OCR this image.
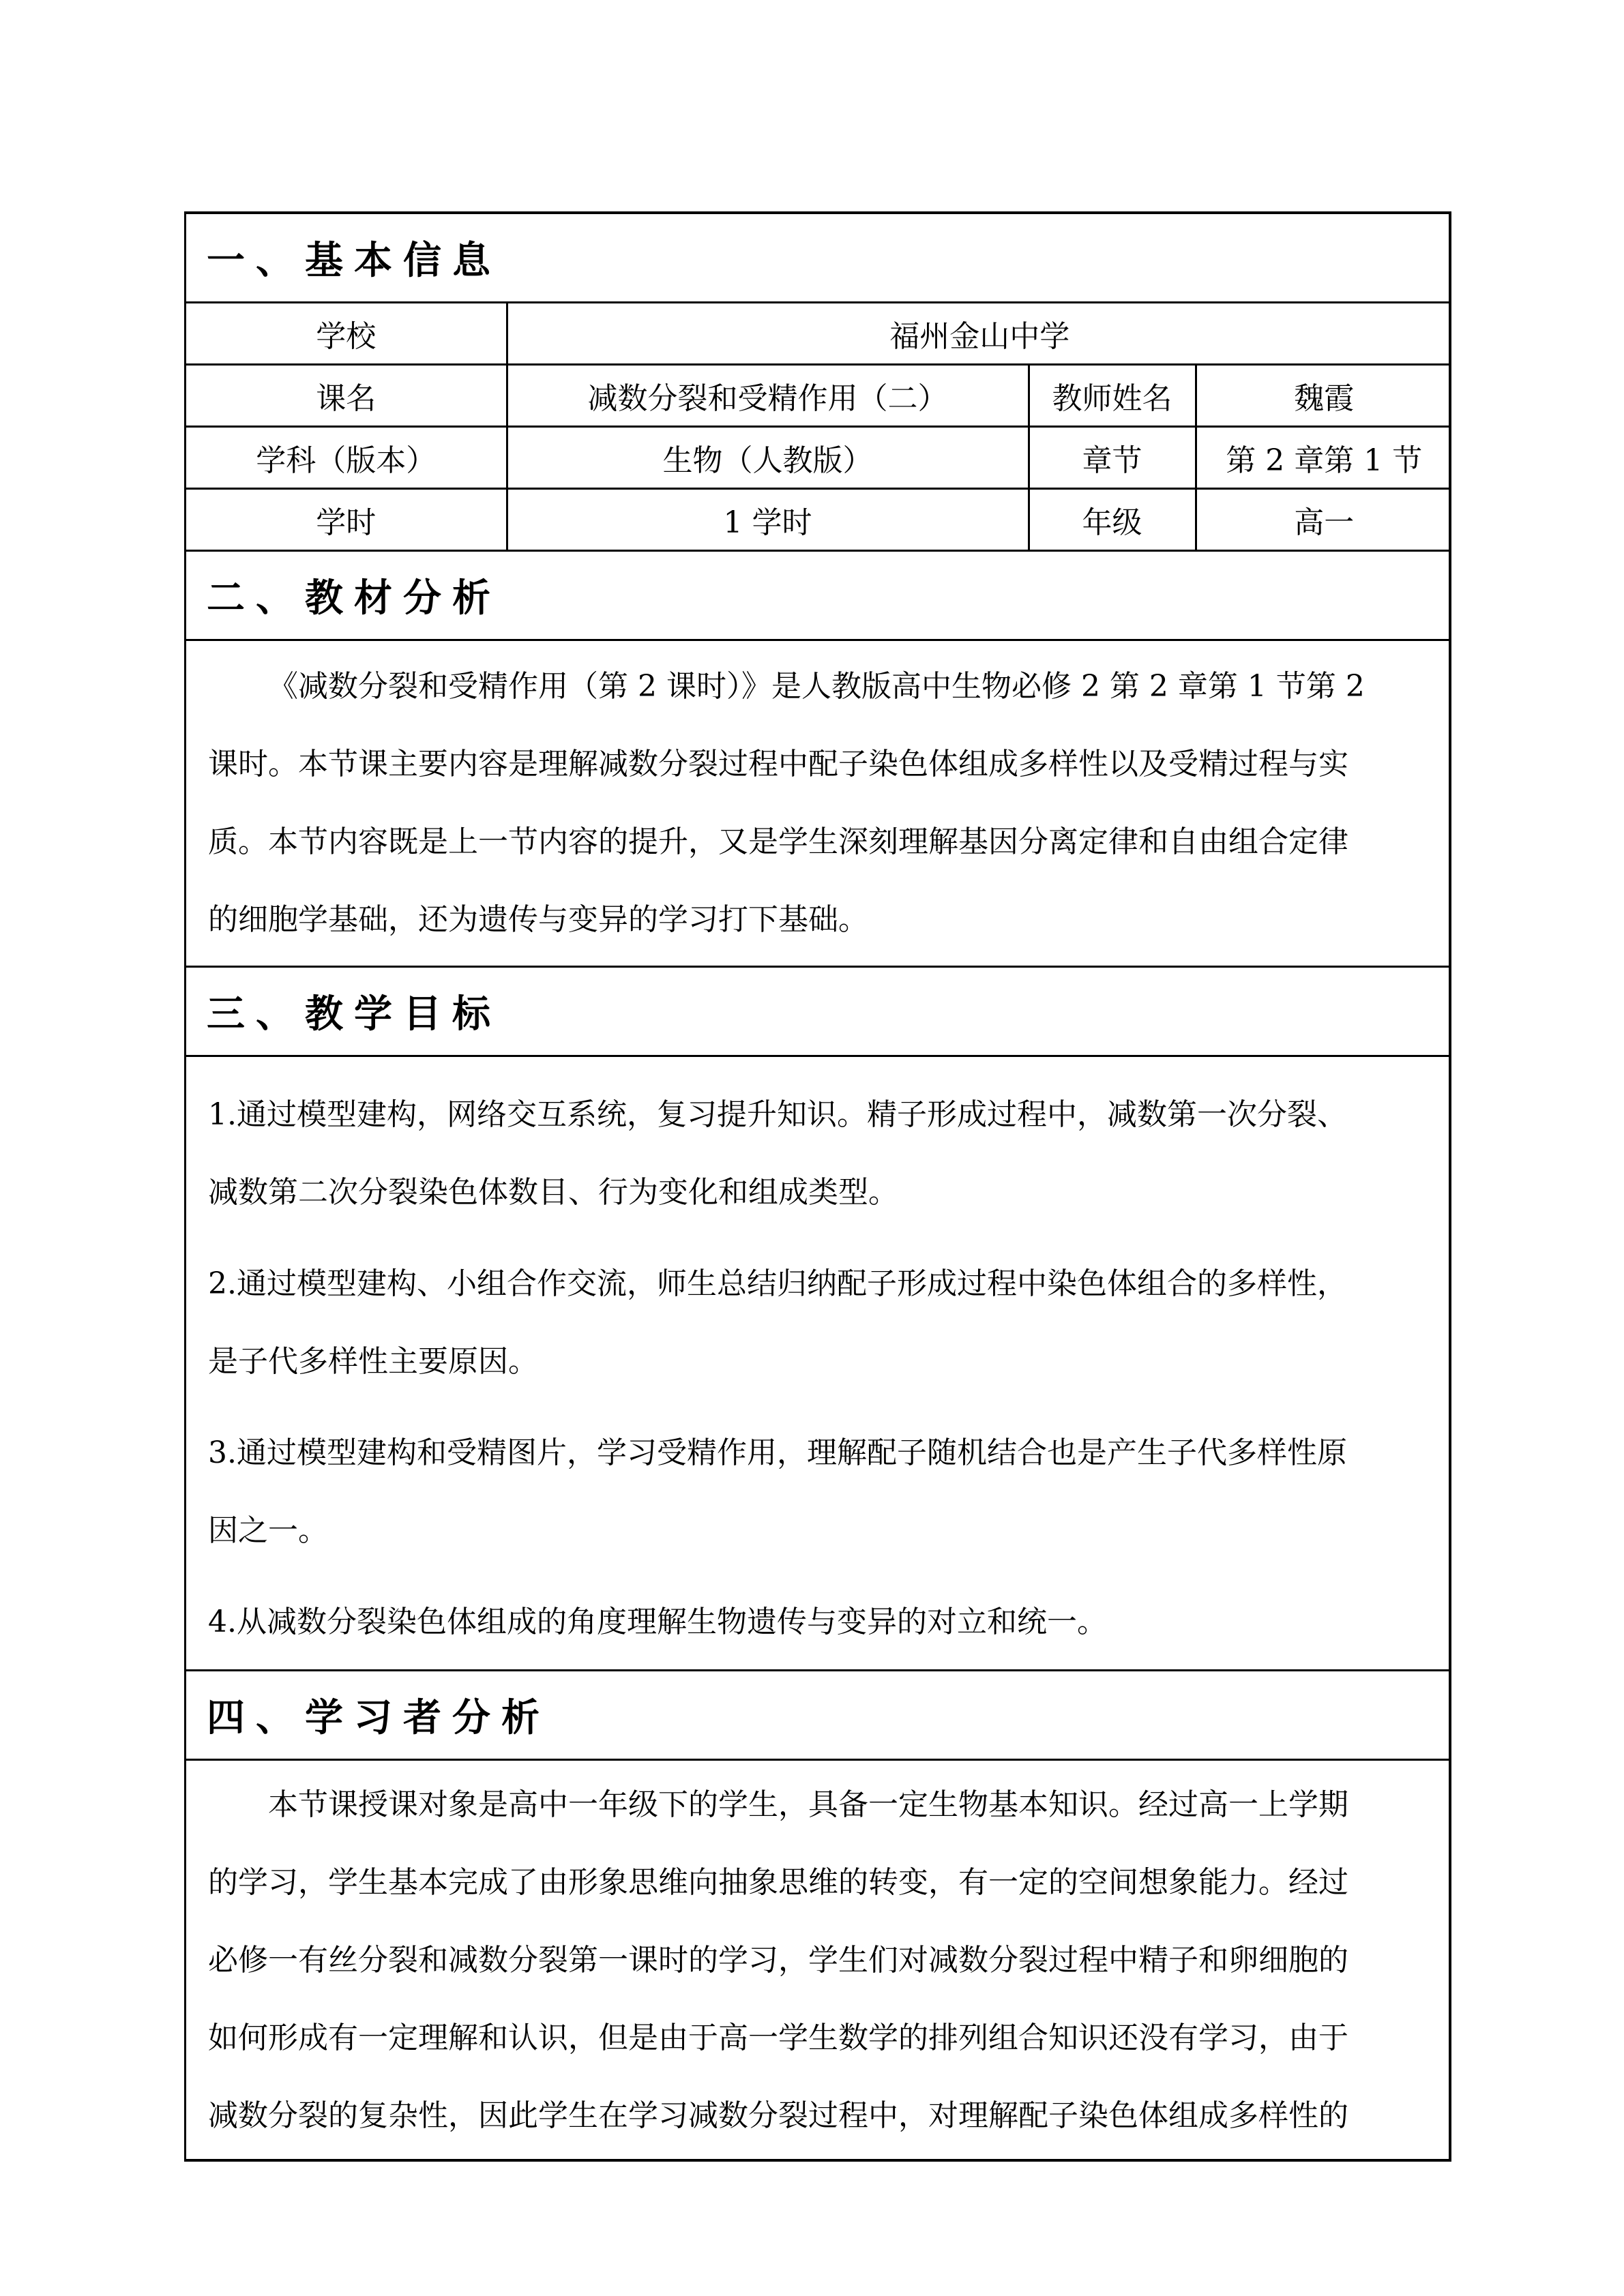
一、基本信息
学校	福州金山中学		
课名	减数分裂和受精作用（二）	教师姓名	魏霞
学科（版本）	生物（人教版）	章节	第 2 章第 1 节
学时	1 学时	年级	高一
二、教材分析

《减数分裂和受精作用（第 2 课时）》是人教版高中生物必修 2 第 2 章第 1 节第 2

课时。本节课主要内容是理解减数分裂过程中配子染色体组成多样性以及受精过程与实

质。本节内容既是上一节内容的提升，又是学生深刻理解基因分离定律和自由组合定律

的细胞学基础，还为遗传与变异的学习打下基础。

三、教学目标

1.通过模型建构，网络交互系统，复习提升知识。精子形成过程中，减数第一次分裂、

减数第二次分裂染色体数目、行为变化和组成类型。

2.通过模型建构、小组合作交流，师生总结归纳配子形成过程中染色体组合的多样性，

是子代多样性主要原因。

3.通过模型建构和受精图片，学习受精作用，理解配子随机结合也是产生子代多样性原

因之一。

4.从减数分裂染色体组成的角度理解生物遗传与变异的对立和统一。

四、学习者分析

本节课授课对象是高中一年级下的学生，具备一定生物基本知识。经过高一上学期

的学习，学生基本完成了由形象思维向抽象思维的转变，有一定的空间想象能力。经过

必修一有丝分裂和减数分裂第一课时的学习，学生们对减数分裂过程中精子和卵细胞的

如何形成有一定理解和认识，但是由于高一学生数学的排列组合知识还没有学习，由于

减数分裂的复杂性，因此学生在学习减数分裂过程中，对理解配子染色体组成多样性的
